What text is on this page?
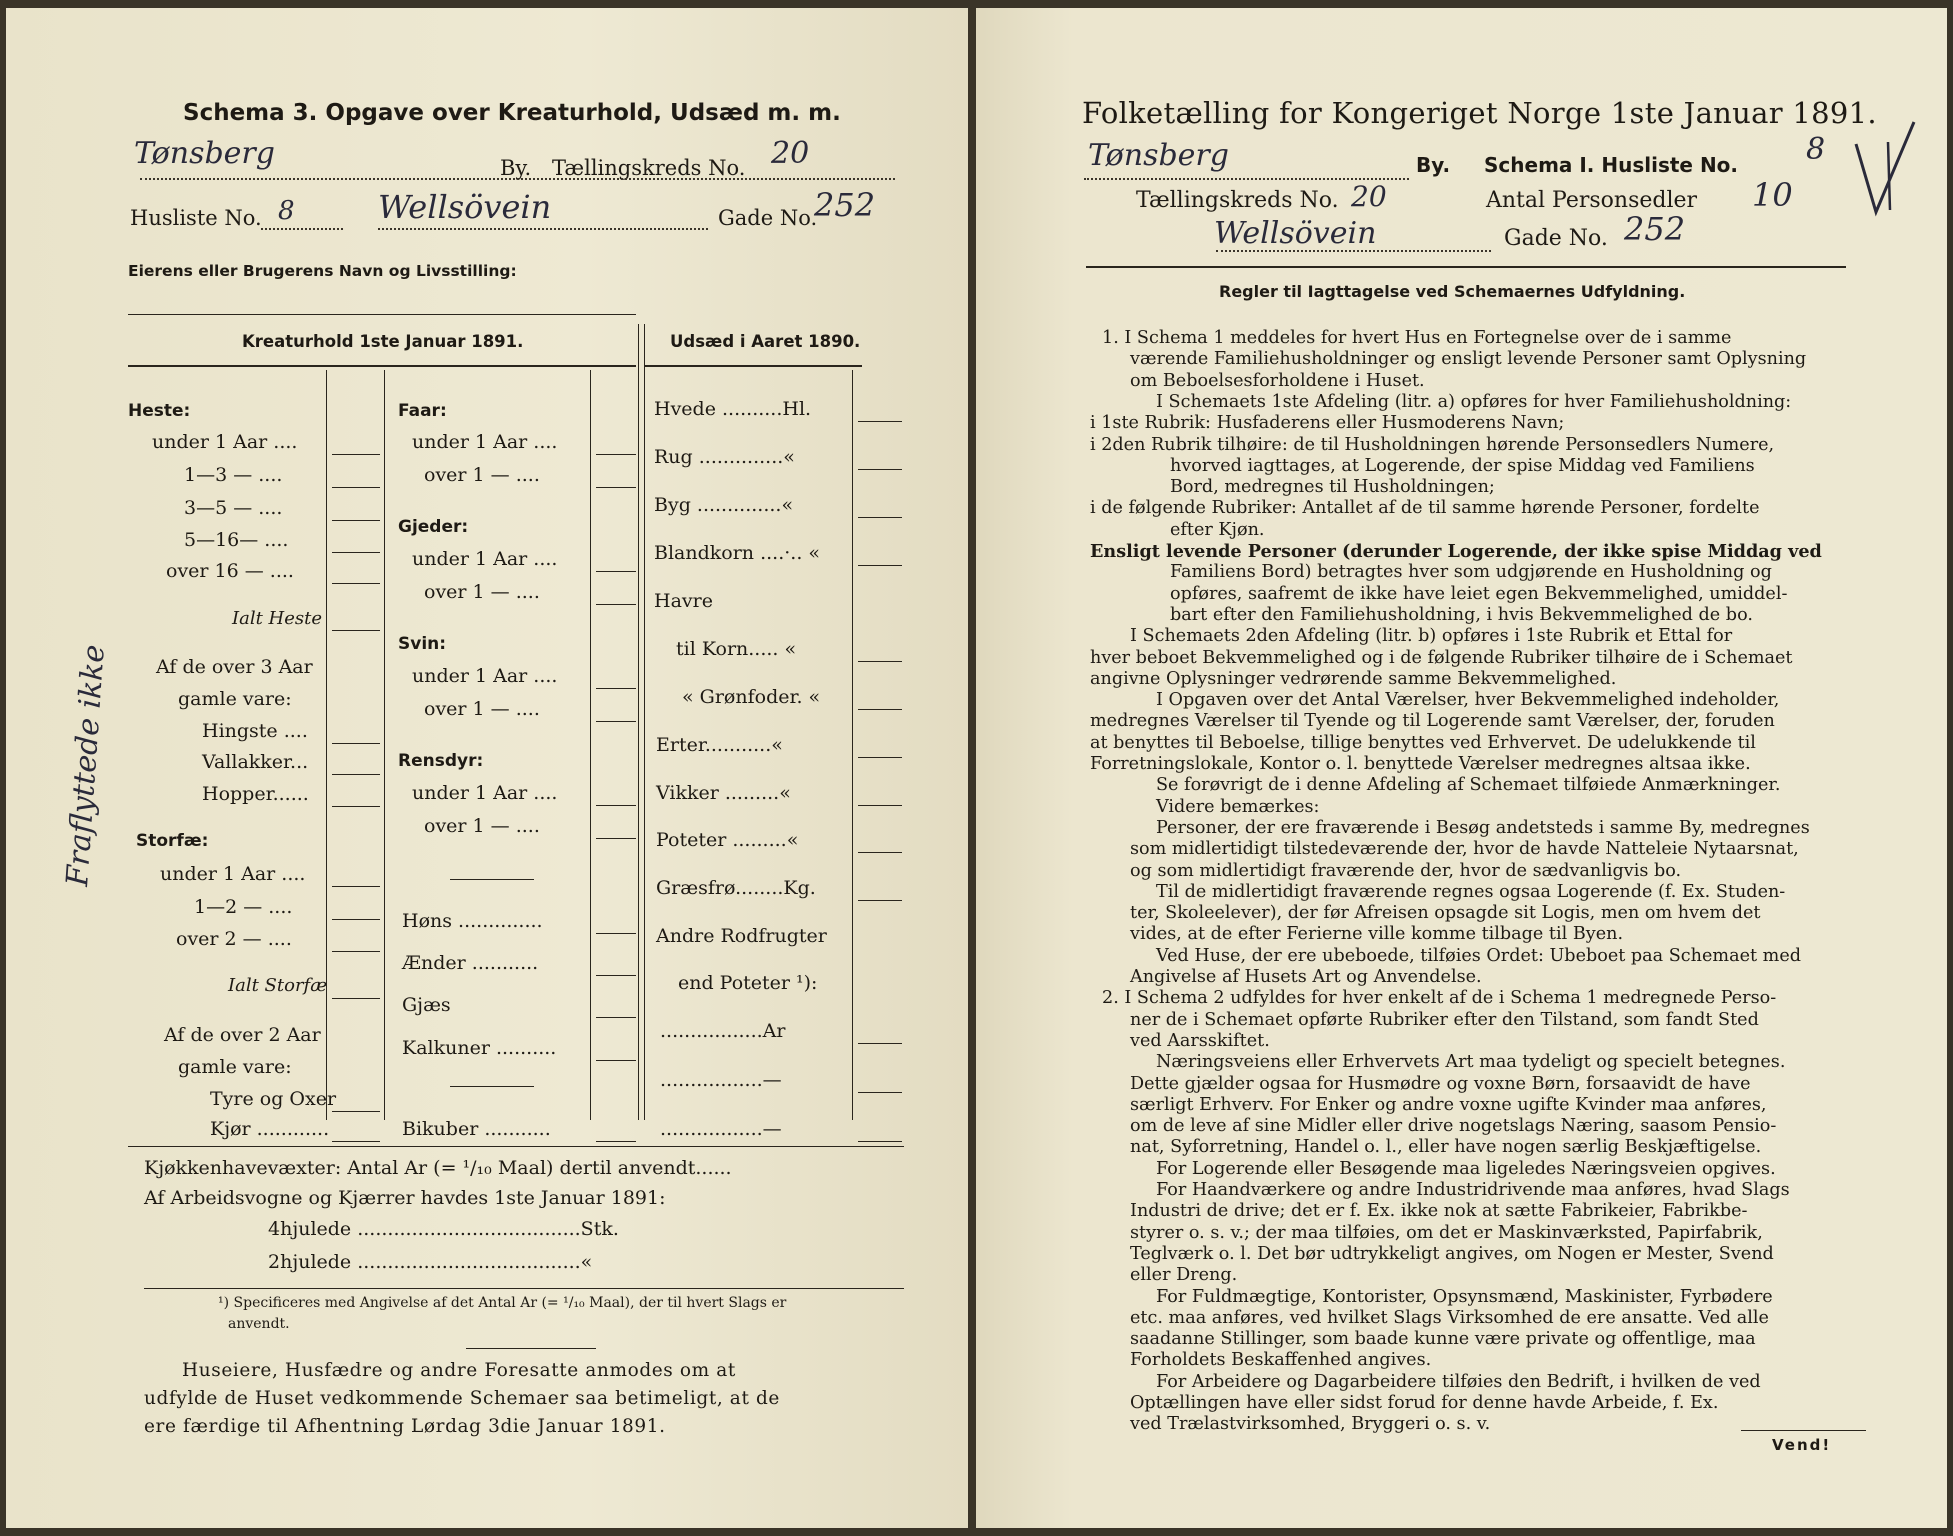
Schema 3. Opgave over Kreaturhold, Udsæd m. m.
Tønsberg	By. Tællingskreds No. 20
Husliste No. 8	Wellsövein	Gade No.
252
Eierens eller Brugerens Navn og Livsstilling:
Kreaturhold 1ste Januar 1891.	Udsæd i Aaret 1890.
Heste:
under 1 Aar ....
1—3 — ....
3—5 — ....
5—16— ....
over 16 — ....
Ialt Heste
Af de over 3 Aar
gamle vare:
Hingste ....
Vallakker...
Hopper......
Storfæ:
under 1 Aar ....
1—2 — ....
over 2 — ....
Ialt Storfæ
Af de over 2 Aar
gamle vare:
Tyre og Oxer
Kjør ............
Faar:
under 1 Aar ....
over 1 — ....
Gjeder:
under 1 Aar ....
over 1 — ....
Svin:
under 1 Aar ....
over 1 — ....
Rensdyr:
under 1 Aar ....
over 1 — ....
Høns ..............
Ænder ...........
Gjæs
Kalkuner ..........
Bikuber ...........
Hvede ..........Hl.
Rug ..............«
Byg ..............«
Blandkorn ....·.. «
Havre
til Korn..... «
« Grønfoder. «
Erter...........«
Vikker .........«
Poteter .........«
Græsfrø........Kg.
Andre Rodfrugter
end Poteter ¹):
.................Ar
.................—
.................—
Kjøkkenhavevæxter: Antal Ar (= ¹/₁₀ Maal) dertil anvendt......
Af Arbeidsvogne og Kjærrer havdes 1ste Januar 1891:
4hjulede .....................................Stk.
2hjulede .....................................«
¹) Specificeres med Angivelse af det Antal Ar (= ¹/₁₀ Maal), der til hvert Slags er
anvendt.
Huseiere, Husfædre og andre Foresatte anmodes om at
udfylde de Huset vedkommende Schemaer saa betimeligt, at de
ere færdige til Afhentning Lørdag 3die Januar 1891.
Fraflyttede ikke
Folketælling for Kongeriget Norge 1ste Januar 1891.
Tønsberg	By. Schema I. Husliste No. 8
Tællingskreds No. 20	Antal Personsedler 10
Wellsövein	Gade No. 252
Regler til Iagttagelse ved Schemaernes Udfyldning.
1. I Schema 1 meddeles for hvert Hus en Fortegnelse over de i samme
værende Familiehusholdninger og ensligt levende Personer samt Oplysning
om Beboelsesforholdene i Huset.
I Schemaets 1ste Afdeling (litr. a) opføres for hver Familiehusholdning:
i 1ste Rubrik: Husfaderens eller Husmoderens Navn;
i 2den Rubrik tilhøire: de til Husholdningen hørende Personsedlers Numere,
hvorved iagttages, at Logerende, der spise Middag ved Familiens
Bord, medregnes til Husholdningen;
i de følgende Rubriker: Antallet af de til samme hørende Personer, fordelte
efter Kjøn.
Ensligt levende Personer (derunder Logerende, der ikke spise Middag ved
Familiens Bord) betragtes hver som udgjørende en Husholdning og
opføres, saafremt de ikke have leiet egen Bekvemmelighed, umiddel-
bart efter den Familiehusholdning, i hvis Bekvemmelighed de bo.
I Schemaets 2den Afdeling (litr. b) opføres i 1ste Rubrik et Ettal for
hver beboet Bekvemmelighed og i de følgende Rubriker tilhøire de i Schemaet
angivne Oplysninger vedrørende samme Bekvemmelighed.
I Opgaven over det Antal Værelser, hver Bekvemmelighed indeholder,
medregnes Værelser til Tyende og til Logerende samt Værelser, der, foruden
at benyttes til Beboelse, tillige benyttes ved Erhvervet. De udelukkende til
Forretningslokale, Kontor o. l. benyttede Værelser medregnes altsaa ikke.
Se forøvrigt de i denne Afdeling af Schemaet tilføiede Anmærkninger.
Videre bemærkes:
Personer, der ere fraværende i Besøg andetsteds i samme By, medregnes
som midlertidigt tilstedeværende der, hvor de havde Natteleie Nytaarsnat,
og som midlertidigt fraværende der, hvor de sædvanligvis bo.
Til de midlertidigt fraværende regnes ogsaa Logerende (f. Ex. Studen-
ter, Skoleelever), der før Afreisen opsagde sit Logis, men om hvem det
vides, at de efter Ferierne ville komme tilbage til Byen.
Ved Huse, der ere ubeboede, tilføies Ordet: Ubeboet paa Schemaet med
Angivelse af Husets Art og Anvendelse.
2. I Schema 2 udfyldes for hver enkelt af de i Schema 1 medregnede Perso-
ner de i Schemaet opførte Rubriker efter den Tilstand, som fandt Sted
ved Aarsskiftet.
Næringsveiens eller Erhvervets Art maa tydeligt og specielt betegnes.
Dette gjælder ogsaa for Husmødre og voxne Børn, forsaavidt de have
særligt Erhverv. For Enker og andre voxne ugifte Kvinder maa anføres,
om de leve af sine Midler eller drive nogetslags Næring, saasom Pensio-
nat, Syforretning, Handel o. l., eller have nogen særlig Beskjæftigelse.
For Logerende eller Besøgende maa ligeledes Næringsveien opgives.
For Haandværkere og andre Industridrivende maa anføres, hvad Slags
Industri de drive; det er f. Ex. ikke nok at sætte Fabrikeier, Fabrikbe-
styrer o. s. v.; der maa tilføies, om det er Maskinværksted, Papirfabrik,
Teglværk o. l. Det bør udtrykkeligt angives, om Nogen er Mester, Svend
eller Dreng.
For Fuldmægtige, Kontorister, Opsynsmænd, Maskinister, Fyrbødere
etc. maa anføres, ved hvilket Slags Virksomhed de ere ansatte. Ved alle
saadanne Stillinger, som baade kunne være private og offentlige, maa
Forholdets Beskaffenhed angives.
For Arbeidere og Dagarbeidere tilføies den Bedrift, i hvilken de ved
Optællingen have eller sidst forud for denne havde Arbeide, f. Ex.
ved Trælastvirksomhed, Bryggeri o. s. v.
Vend!
